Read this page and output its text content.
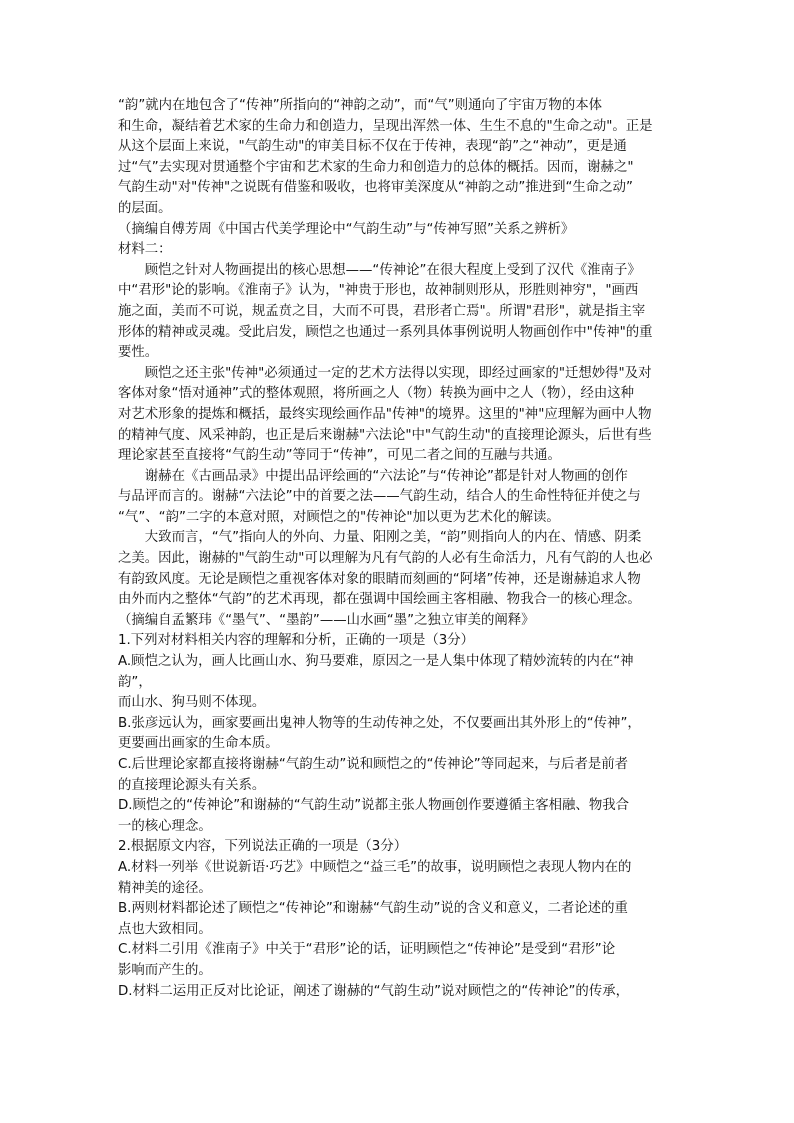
“韵”就内在地包含了“传神”所指向的“神韵之动”，而“气”则通向了宇宙万物的本体
和生命，凝结着艺术家的生命力和创造力，呈现出浑然一体、生生不息的"生命之动"。正是
从这个层面上来说，"气韵生动"的审美目标不仅在于传神，表现“韵”之“神动”，更是通
过“气”去实现对贯通整个宇宙和艺术家的生命力和创造力的总体的概括。因而，谢赫之"
气韵生动"对"传神"之说既有借鉴和吸收，也将审美深度从“神韵之动”推进到“生命之动”
的层面。
（摘编自傅芳周《中国古代美学理论中“气韵生动”与“传神写照”关系之辨析》
材料二：
顾恺之针对人物画提出的核心思想——“传神论”在很大程度上受到了汉代《淮南子》
中“君形"论的影响。《淮南子》认为，"神贵于形也，故神制则形从，形胜则神穷"，"画西
施之面，美而不可说，规孟贲之目，大而不可畏，君形者亡焉"。所谓"君形"，就是指主宰
形体的精神或灵魂。受此启发，顾恺之也通过一系列具体事例说明人物画创作中"传神"的重
要性。
顾恺之还主张"传神"必须通过一定的艺术方法得以实现，即经过画家的"迁想妙得"及对
客体对象“悟对通神”式的整体观照，将所画之人（物）转换为画中之人（物），经由这种
对艺术形象的提炼和概括，最终实现绘画作品"传神"的境界。这里的"神"应理解为画中人物
的精神气度、风采神韵，也正是后来谢赫"六法论"中"气韵生动"的直接理论源头，后世有些
理论家甚至直接将“气韵生动”等同于“传神”，可见二者之间的互融与共通。
谢赫在《古画品录》中提出品评绘画的“六法论”与“传神论”都是针对人物画的创作
与品评而言的。谢赫“六法论”中的首要之法——气韵生动，结合人的生命性特征并使之与
“气”、“韵”二字的本意对照，对顾恺之的"传神论"加以更为艺术化的解读。
大致而言，“气”指向人的外向、力量、阳刚之美，“韵”则指向人的内在、情感、阴柔
之美。因此，谢赫的"气韵生动"可以理解为凡有气韵的人必有生命活力，凡有气韵的人也必
有韵致风度。无论是顾恺之重视客体对象的眼睛而刻画的“阿堵”传神，还是谢赫追求人物
由外而内之整体“气韵”的艺术再现，都在强调中国绘画主客相融、物我合一的核心理念。
（摘编自孟繁玮《“墨气”、“墨韵”——山水画“墨”之独立审美的阐释》
1.下列对材料相关内容的理解和分析，正确的一项是（3分）
A.顾恺之认为，画人比画山水、狗马要难，原因之一是人集中体现了精妙流转的内在“神
韵”，
而山水、狗马则不体现。
B.张彦远认为，画家要画出鬼神人物等的生动传神之处，不仅要画出其外形上的“传神”，
更要画出画家的生命本质。
C.后世理论家都直接将谢赫“气韵生动”说和顾恺之的“传神论”等同起来，与后者是前者
的直接理论源头有关系。
D.顾恺之的“传神论”和谢赫的“气韵生动”说都主张人物画创作要遵循主客相融、物我合
一的核心理念。
2.根据原文内容，下列说法正确的一项是（3分）
A.材料一列举《世说新语·巧艺》中顾恺之“益三毛”的故事，说明顾恺之表现人物内在的
精神美的途径。
B.两则材料都论述了顾恺之“传神论”和谢赫“气韵生动”说的含义和意义，二者论述的重
点也大致相同。
C.材料二引用《淮南子》中关于“君形”论的话，证明顾恺之“传神论”是受到“君形”论
影响而产生的。
D.材料二运用正反对比论证，阐述了谢赫的“气韵生动”说对顾恺之的“传神论”的传承，
